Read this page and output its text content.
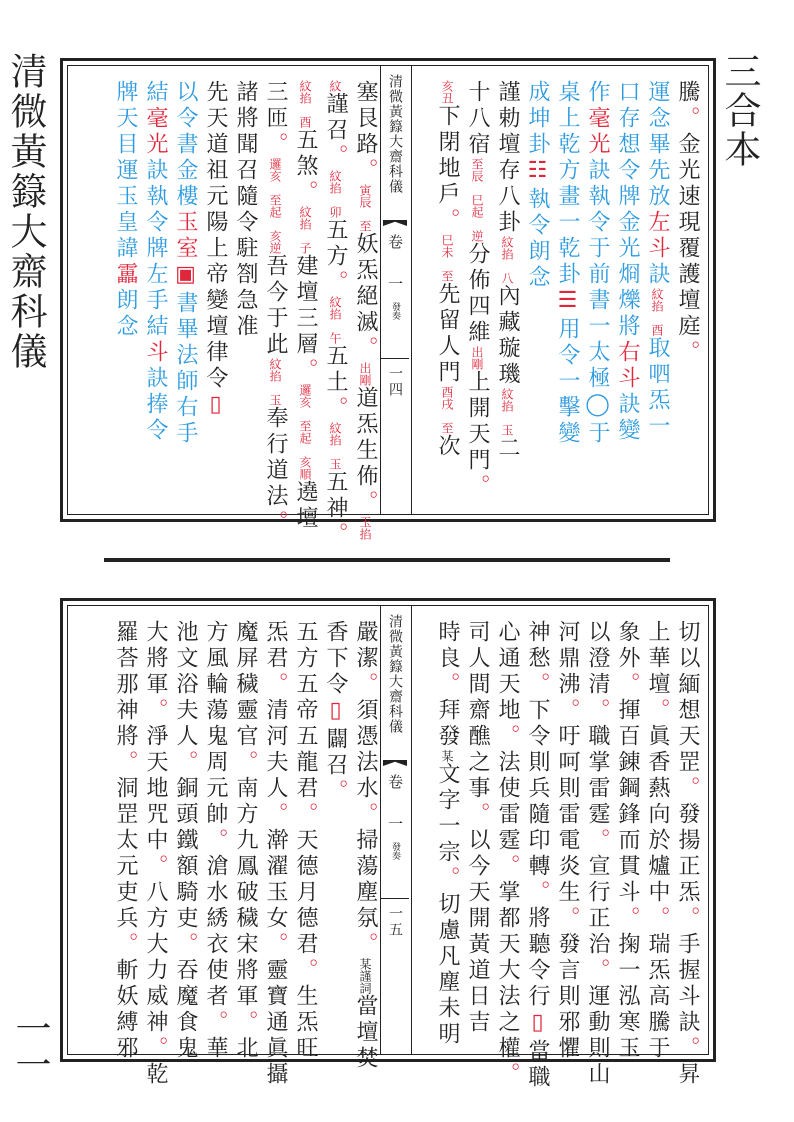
清微黃籙大齋科儀	三合本
一一
塞艮路。寅辰　至妖炁絕滅。出剛道炁生佈。玉掐
紋謹召。紋掐　卯五方。紋掐　午五土。紋掐　玉五神。
紋掐　酉五煞。紋掐　子建壇三層。邏亥　至起　亥順遶壇
三匝。邏亥　至起　亥逆吾今于此紋掐　玉奉行道法。
諸將聞召隨令駐劄急准
先天道祖元陽上帝變壇律令▯
以令書金樓玉室▣書畢法師右手
結毫光訣執令牌左手結斗訣捧令
牌天目運玉皇諱靁朗念
清微黃籙大齋科儀
卷　一
發奏
一四
騰。金光速現覆護壇庭。
運念畢先放左斗訣紋掐　酉取呬炁一
口存想令牌金光烱爍將右斗訣變
作毫光訣執令于前書一太極◯于
桌上乾方畫一乾卦☰用令一擊變
成坤卦☷執令朗念
謹勅壇存八卦紋掐　八內藏璇璣紋掐　玉二
十八宿至辰　巳起　逆分佈四維出剛上開天門。
亥丑下閉地戶。巳未　至先留人門酉戌　至次
嚴潔。須憑法水。掃蕩塵氛。某謹詞當壇焚
香下令▯闢召。
五方五帝五龍君。天德月德君。生炁旺
炁君。清河夫人。澣濯玉女。靈寶通眞攝
魔屏穢靈官。南方九鳳破穢宋將軍。北
方風輪蕩鬼周元帥。滄水綉衣使者。華
池文浴夫人。銅頭鐵額騎吏。吞魔食鬼
大將軍。淨天地咒中。八方大力威神。乾
羅荅那神將。洞罡太元吏兵。斬妖縛邪
清微黃籙大齋科儀
卷　一
發奏
一五
切以緬想天罡。發揚正炁。手握斗訣。昇
上華壇。眞香爇向於爐中。瑞炁高騰于
象外。揮百錬鋼鋒而貫斗。掬一泓寒玉
以澄清。職掌雷霆。宣行正治。運動則山
河鼎沸。吁呵則雷電炎生。發言則邪懼
神愁。下令則兵隨印轉。將聽令行▯當職
心通天地。法使雷霆。掌都天大法之權。
司人間齋醮之事。以今天開黃道日吉
時良。拜發某文字一宗。切慮凡塵未明
